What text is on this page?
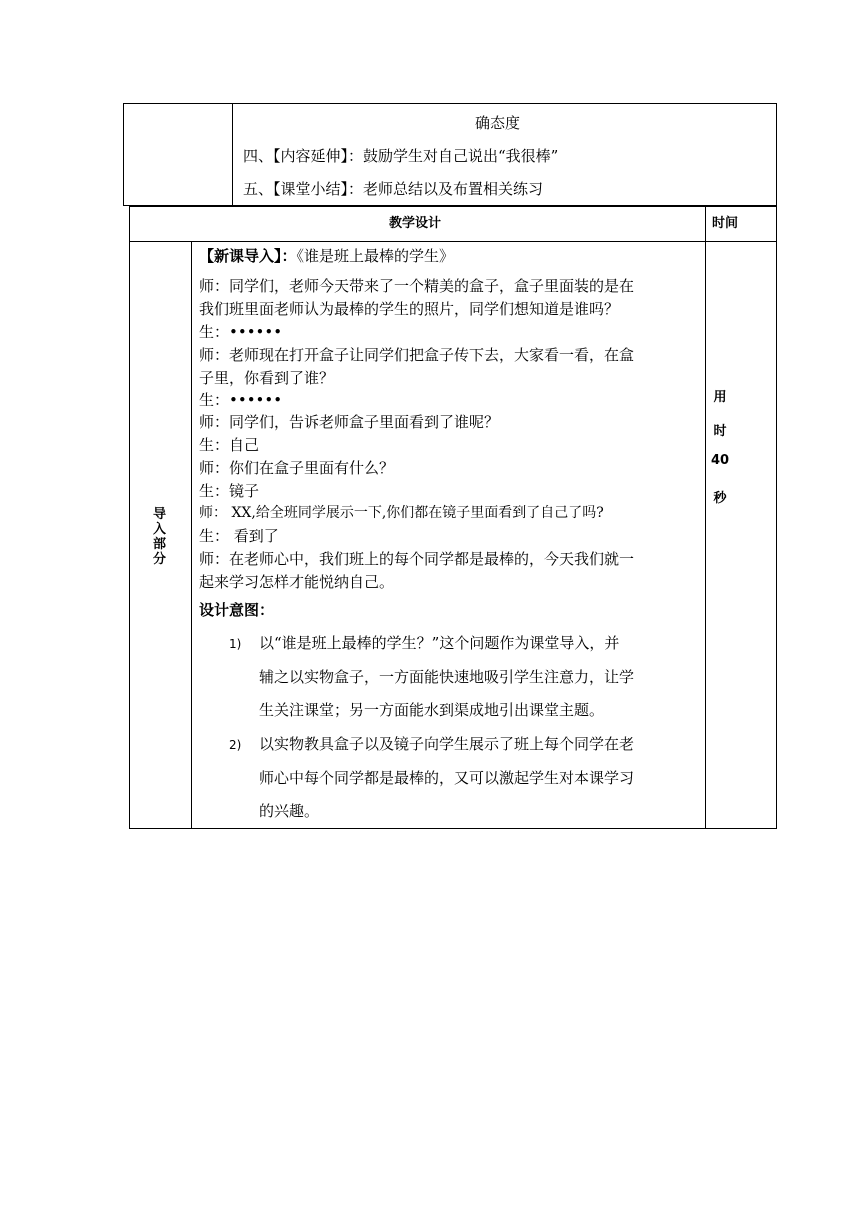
确态度
四、【内容延伸】：鼓励学生对自己说出“我很棒”
五、【课堂小结】：老师总结以及布置相关练习
教学设计	时间
导
入
部
分
用
时
40
秒
【新课导入】：《谁是班上最棒的学生》
师：同学们，老师今天带来了一个精美的盒子，盒子里面装的是在
我们班里面老师认为最棒的学生的照片，同学们想知道是谁吗？
生：••••••
师：老师现在打开盒子让同学们把盒子传下去，大家看一看，在盒
子里，你看到了谁？
生：••••••
师：同学们，告诉老师盒子里面看到了谁呢？
生：自己
师：你们在盒子里面有什么？
生：镜子
师： XX,给全班同学展示一下,你们都在镜子里面看到了自己了吗?
生： 看到了
师：在老师心中，我们班上的每个同学都是最棒的，今天我们就一
起来学习怎样才能悦纳自己。
设计意图：
1) 以“谁是班上最棒的学生？”这个问题作为课堂导入，并
辅之以实物盒子，一方面能快速地吸引学生注意力，让学
生关注课堂；另一方面能水到渠成地引出课堂主题。
2) 以实物教具盒子以及镜子向学生展示了班上每个同学在老
师心中每个同学都是最棒的，又可以激起学生对本课学习
的兴趣。
